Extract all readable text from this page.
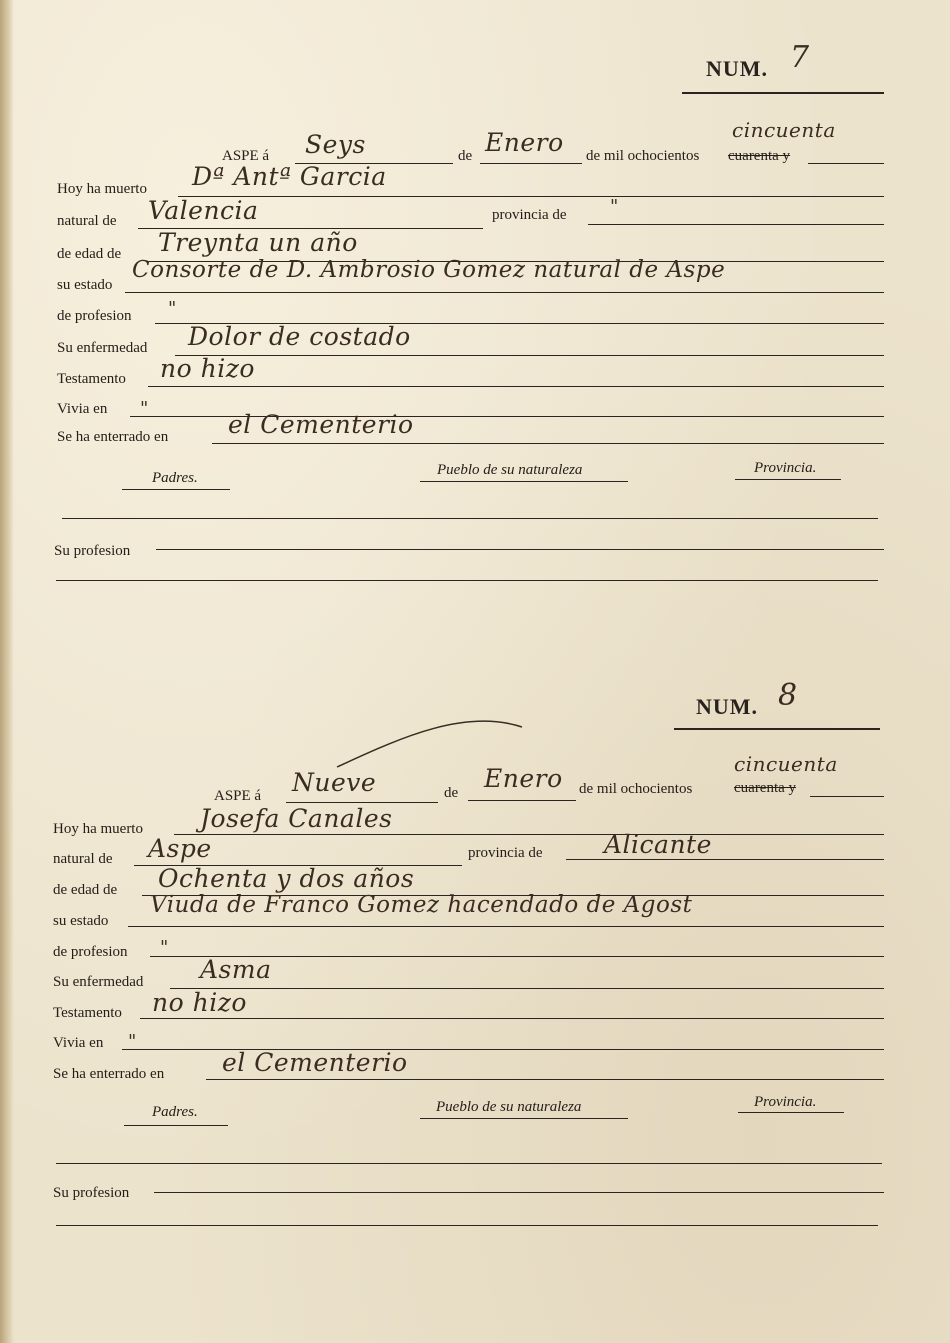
NUM. 7
ASPE á Seys	de Enero de mil ochocientos cuarenta y
cincuenta
Hoy ha muerto Dª Antª Garcia
natural de Valencia	provincia de "
de edad de Treynta un año
su estado
Consorte de D. Ambrosio Gomez natural de Aspe
de profesion "
Su enfermedad Dolor de costado
Testamento no hizo
Vivia en "
Se ha enterrado en el Cementerio
Padres.	Pueblo de su naturaleza	Provincia.
Su profesion
NUM. 8
ASPE á Nueve	de Enero de mil ochocientos	cuarenta y
cincuenta
Hoy ha muerto Josefa Canales
natural de Aspe	provincia de Alicante
de edad de Ochenta y dos años
su estado
Viuda de Franco Gomez hacendado de Agost
de profesion "
Su enfermedad Asma
Testamento no hizo
Vivia en "
Se ha enterrado en el Cementerio
Padres.	Pueblo de su naturaleza	Provincia.
Su profesion
